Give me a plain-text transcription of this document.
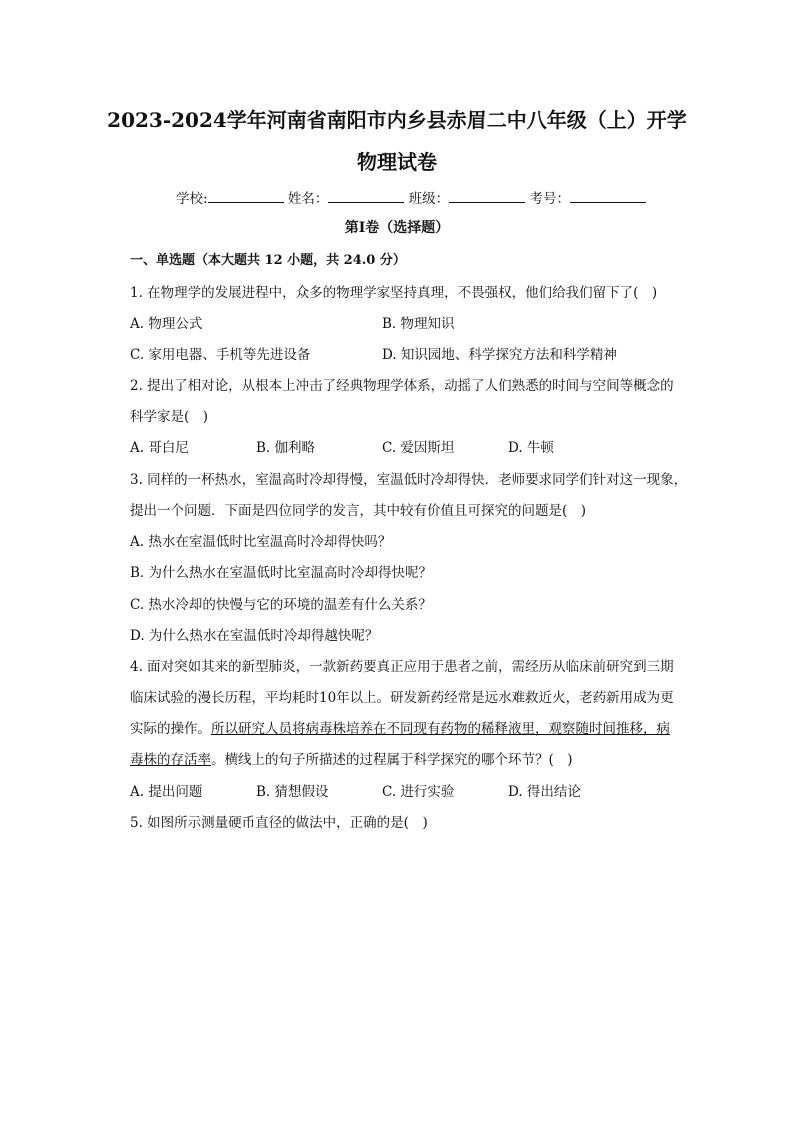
2023-2024学年河南省南阳市内乡县赤眉二中八年级（上）开学
物理试卷
学校:	姓名：	班级：	考号：
第Ⅰ卷（选择题）
一、单选题（本大题共 12 小题，共 24.0 分）
1. 在物理学的发展进程中，众多的物理学家坚持真理，不畏强权，他们给我们留下了(　)
A. 物理公式	B. 物理知识
C. 家用电器、手机等先进设备	D. 知识园地、科学探究方法和科学精神
2. 提出了相对论，从根本上冲击了经典物理学体系，动摇了人们熟悉的时间与空间等概念的
科学家是(　)
A. 哥白尼	B. 伽利略	C. 爱因斯坦	D. 牛顿
3. 同样的一杯热水，室温高时冷却得慢，室温低时冷却得快．老师要求同学们针对这一现象，
提出一个问题．下面是四位同学的发言，其中较有价值且可探究的问题是(　)
A. 热水在室温低时比室温高时冷却得快吗？
B. 为什么热水在室温低时比室温高时冷却得快呢？
C. 热水冷却的快慢与它的环境的温差有什么关系？
D. 为什么热水在室温低时冷却得越快呢？
4. 面对突如其来的新型肺炎，一款新药要真正应用于患者之前，需经历从临床前研究到三期
临床试验的漫长历程，平均耗时10年以上。研发新药经常是远水难救近火，老药新用成为更
实际的操作。所以研究人员将病毒株培养在不同现有药物的稀释液里，观察随时间推移，病
毒株的存活率。横线上的句子所描述的过程属于科学探究的哪个环节？(　)
A. 提出问题	B. 猜想假设	C. 进行实验	D. 得出结论
5. 如图所示测量硬币直径的做法中，正确的是(　)
